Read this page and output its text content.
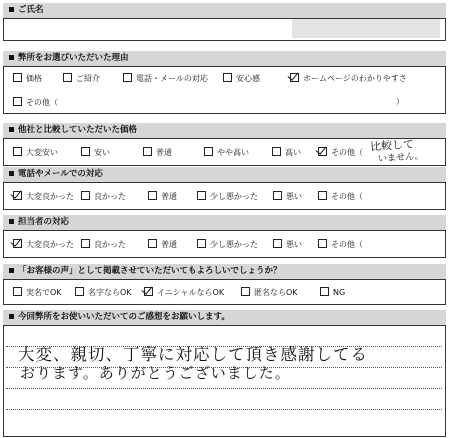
ご氏名
弊所をお選びいただいた理由
価格	ご紹介	電話・メールの対応	安心感	ホームページのわかりやすさ
その他（	）
他社と比較していただいた価格
大変安い	安い	普通	やや高い	高い	その他（ 比較して
いません。
電話やメールでの対応
大変良かった	良かった	普通	少し悪かった	悪い	その他（
担当者の対応
大変良かった	良かった	普通	少し悪かった	悪い	その他（
「お客様の声」として掲載させていただいてもよろしいでしょうか？
実名でOK	名字ならOK	イニシャルならOK	匿名ならOK	NG
今回弊所をお使いいただいてのご感想をお願いします。
大変、親切、丁寧に対応して頂き感謝してる
おります。ありがとうございました。
